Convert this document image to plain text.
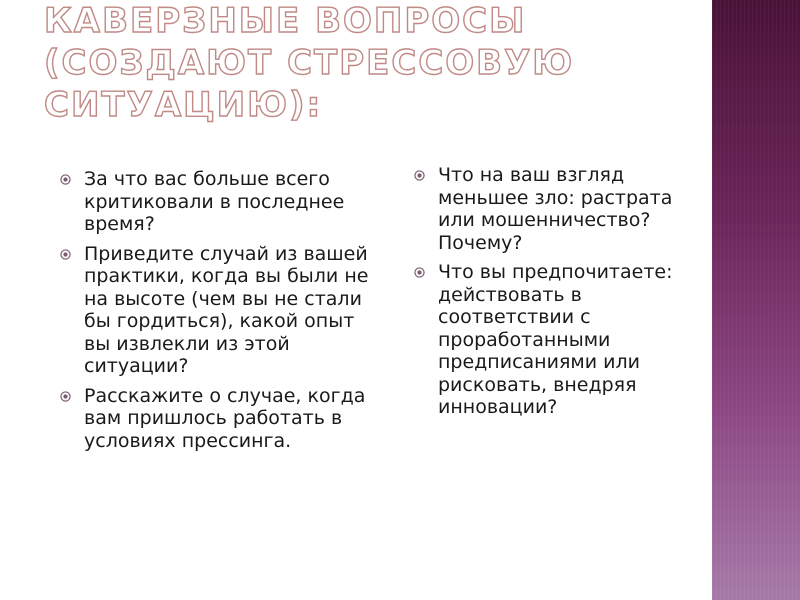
КАВЕРЗНЫЕ ВОПРОСЫ
(СОЗДАЮТ СТРЕССОВУЮ
СИТУАЦИЮ):
За что вас больше всего критиковали в последнее время?
Приведите случай из вашей практики, когда вы были не на высоте (чем вы не стали бы гордиться), какой опыт вы извлекли из этой ситуации?
Расскажите о случае, когда вам пришлось работать в условиях прессинга.
Что на ваш взгляд меньшее зло: растрата или мошенничество? Почему?
Что вы предпочитаете: действовать в соответствии с проработанными предписаниями или рисковать, внедряя инновации?
